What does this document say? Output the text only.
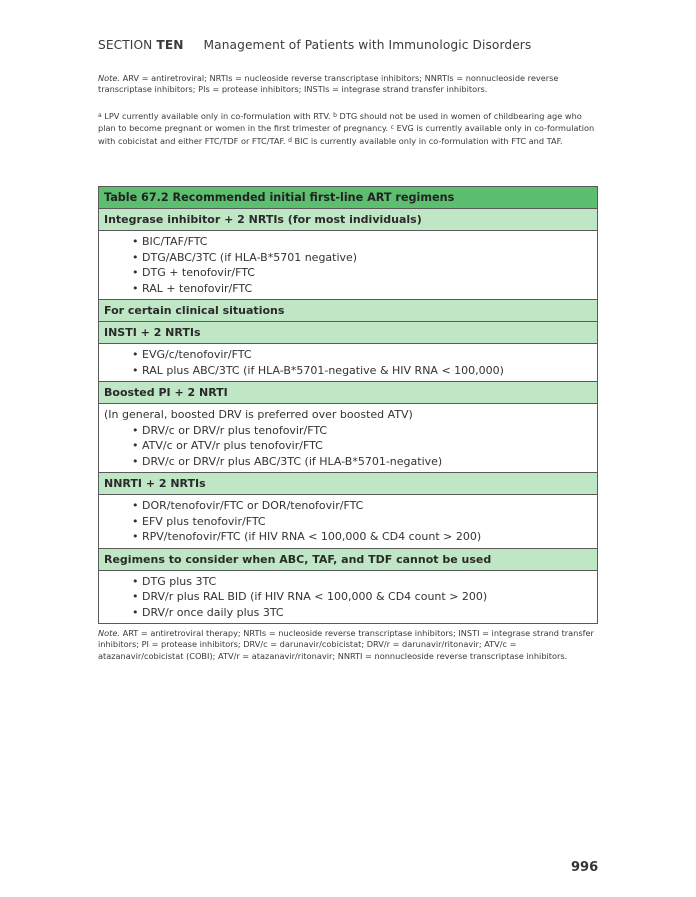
SECTION TEN Management of Patients with Immunologic Disorders

Note. ARV = antiretroviral; NRTIs = nucleoside reverse transcriptase inhibitors; NNRTIs = nonnucleoside reverse transcriptase inhibitors; PIs = protease inhibitors; INSTIs = integrase strand transfer inhibitors.

$^a$ LPV currently available only in co-formulation with RTV. $^b$ DTG should not be used in women of childbearing age who plan to become pregnant or women in the first trimester of pregnancy. $^c$ EVG is currently available only in co-formulation with cobicistat and either FTC/TDF or FTC/TAF. $^d$ BIC is currently available only in co-formulation with FTC and TAF.

Table 67.2 Recommended initial first-line ART regimens
Integrase inhibitor + 2 NRTIs (for most individuals)
• BIC/TAF/FTC
• DTG/ABC/3TC (if HLA-B*5701 negative)
• DTG + tenofovir/FTC
• RAL + tenofovir/FTC
For certain clinical situations
INSTI + 2 NRTIs
• EVG/c/tenofovir/FTC
• RAL plus ABC/3TC (if HLA-B*5701-negative & HIV RNA < 100,000)
Boosted PI + 2 NRTI

(In general, boosted DRV is preferred over boosted ATV)

• DRV/c or DRV/r plus tenofovir/FTC
• ATV/c or ATV/r plus tenofovir/FTC
• DRV/c or DRV/r plus ABC/3TC (if HLA-B*5701-negative)
NNRTI + 2 NRTIs
• DOR/tenofovir/FTC or DOR/tenofovir/FTC
• EFV plus tenofovir/FTC
• RPV/tenofovir/FTC (if HIV RNA < 100,000 & CD4 count > 200)
Regimens to consider when ABC, TAF, and TDF cannot be used
• DTG plus 3TC
• DRV/r plus RAL BID (if HIV RNA < 100,000 & CD4 count > 200)
• DRV/r once daily plus 3TC

Note. ART = antiretroviral therapy; NRTIs = nucleoside reverse transcriptase inhibitors; INSTI = integrase strand transfer inhibitors; PI = protease inhibitors; DRV/c = darunavir/cobicistat; DRV/r = darunavir/ritonavir; ATV/c = atazanavir/cobicistat (COBI); ATV/r = atazanavir/ritonavir; NNRTI = nonnucleoside reverse transcriptase inhibitors.

996
